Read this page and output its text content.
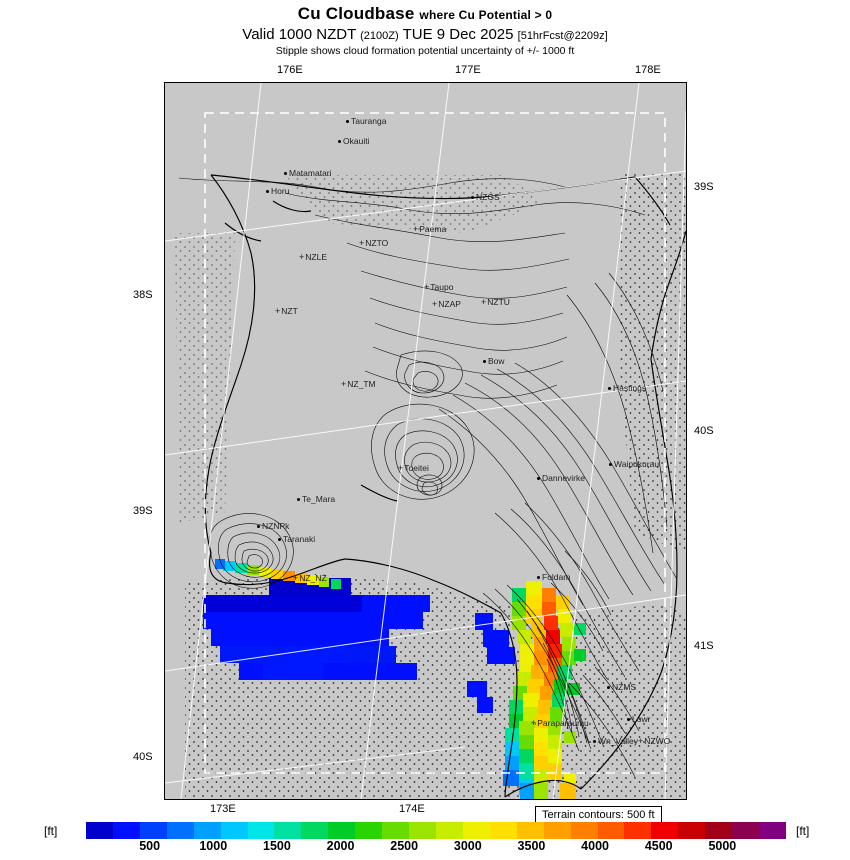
Cu Cloudbase where Cu Potential > 0
Valid 1000 NZDT (2100Z) TUE 9 Dec 2025 [51hrFcst@2209z]
Stipple shows cloud formation potential uncertainty of +/- 1000 ft
Tauranga
Okauiti
Matamatari
Horu
NZGS
+ Paema
+ NZTO
+ NZLE
+ Taupo
+ NZAP	+ NZTU
+ NZT
+ NZ_TM
Bow
Hastings
+ Toeitei	Waipukurau
Dannevirke
Te_Mara
NZNPk
Taranaki
+ NZ_NZ	Foldam
NZMS
+ Paraparaumu	Lowr
Wn_Valley + NZWO
176E	177E	178E
173E	174E
38S
39S
40S
39S
40S
41S
Terrain contours: 500 ft
[ft]	[ft]
500	1000	1500	2000	2500	3000	3500	4000	4500	5000
